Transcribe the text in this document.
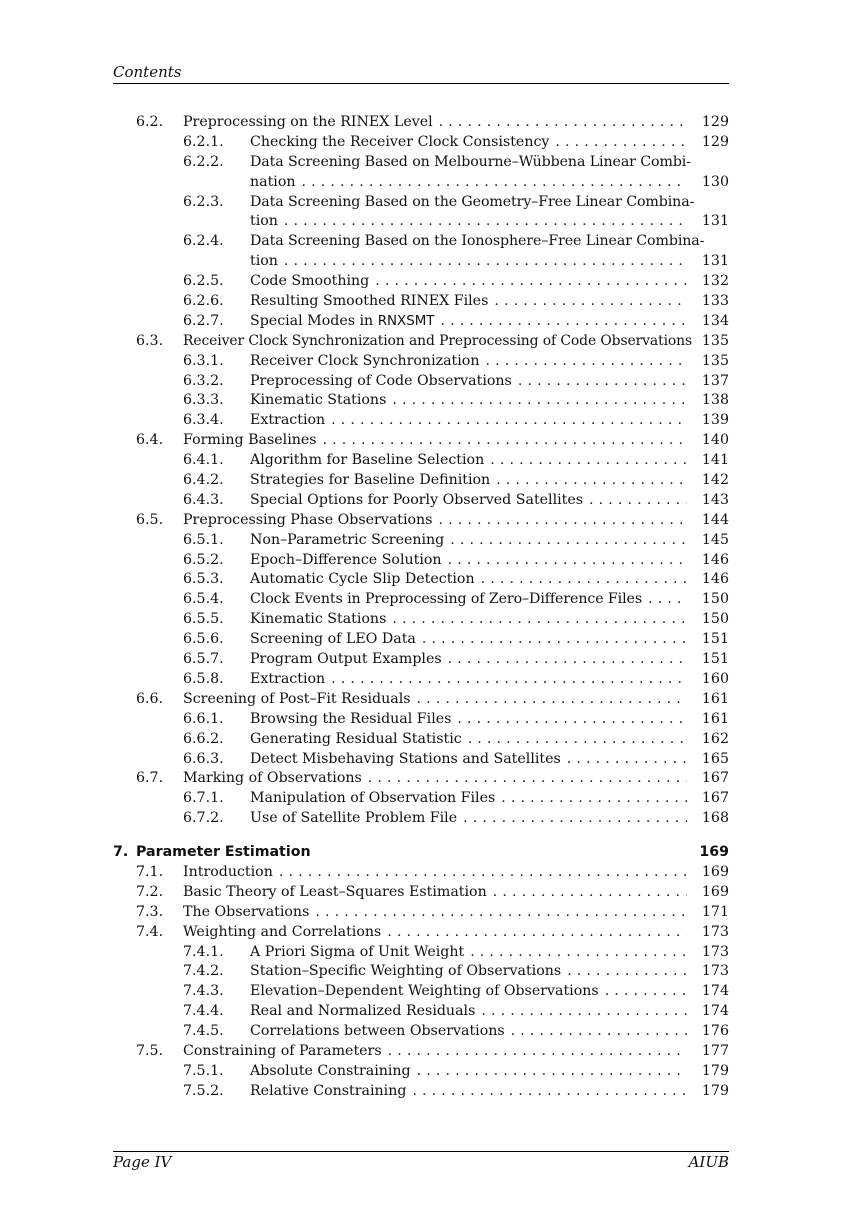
Contents
6.2. Preprocessing on the RINEX Level . . .	129
6.2.1. Checking the Receiver Clock Consistency . . .	129
6.2.2. Data Screening Based on Melbourne–Wübbena Linear Combi-
nation . . .	130
6.2.3. Data Screening Based on the Geometry–Free Linear Combina-
tion . . .	131
6.2.4. Data Screening Based on the Ionosphere–Free Linear Combina-
tion . . .	131
6.2.5. Code Smoothing . . .	132
6.2.6. Resulting Smoothed RINEX Files . . .	133
6.2.7. Special Modes in RNXSMT . . .	134
6.3. Receiver Clock Synchronization and Preprocessing of Code Observations 135
6.3.1. Receiver Clock Synchronization . . .	135
6.3.2. Preprocessing of Code Observations . . .	137
6.3.3. Kinematic Stations . . .	138
6.3.4. Extraction . . .	139
6.4. Forming Baselines . . .	140
6.4.1. Algorithm for Baseline Selection . . .	141
6.4.2. Strategies for Baseline Definition . . .	142
6.4.3. Special Options for Poorly Observed Satellites . . .	143
6.5. Preprocessing Phase Observations . . .	144
6.5.1. Non–Parametric Screening . . .	145
6.5.2. Epoch–Difference Solution . . .	146
6.5.3. Automatic Cycle Slip Detection . . .	146
6.5.4. Clock Events in Preprocessing of Zero–Difference Files . . .	150
6.5.5. Kinematic Stations . . .	150
6.5.6. Screening of LEO Data . . .	151
6.5.7. Program Output Examples . . .	151
6.5.8. Extraction . . .	160
6.6. Screening of Post–Fit Residuals . . .	161
6.6.1. Browsing the Residual Files . . .	161
6.6.2. Generating Residual Statistic . . .	162
6.6.3. Detect Misbehaving Stations and Satellites . . .	165
6.7. Marking of Observations . . .	167
6.7.1. Manipulation of Observation Files . . .	167
6.7.2. Use of Satellite Problem File . . .	168
7. Parameter Estimation	169
7.1. Introduction . . .	169
7.2. Basic Theory of Least–Squares Estimation . . .	169
7.3. The Observations . . .	171
7.4. Weighting and Correlations . . .	173
7.4.1. A Priori Sigma of Unit Weight . . .	173
7.4.2. Station–Specific Weighting of Observations . . .	173
7.4.3. Elevation–Dependent Weighting of Observations . . .	174
7.4.4. Real and Normalized Residuals . . .	174
7.4.5. Correlations between Observations . . .	176
7.5. Constraining of Parameters . . .	177
7.5.1. Absolute Constraining . . .	179
7.5.2. Relative Constraining . . .	179
Page IV	AIUB
